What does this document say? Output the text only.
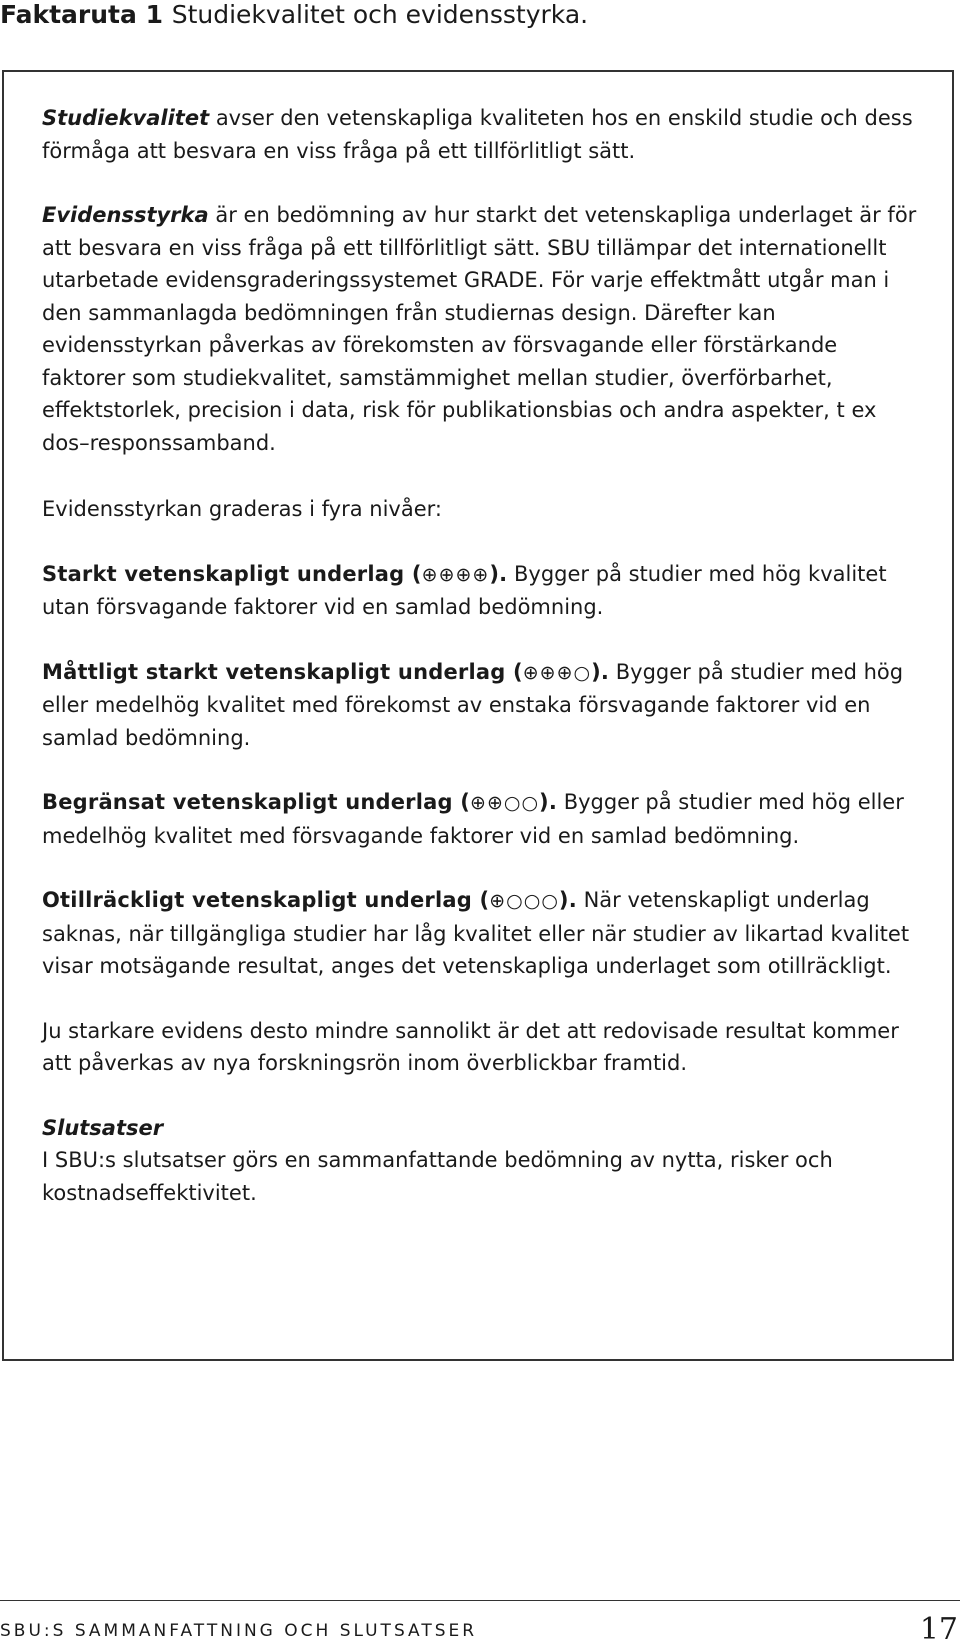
Faktaruta 1 Studiekvalitet och evidensstyrka.

Studiekvalitet avser den vetenskapliga kvaliteten hos en enskild studie och dess förmåga att besvara en viss fråga på ett tillförlitligt sätt.

Evidensstyrka är en bedömning av hur starkt det vetenskapliga underlaget är för att besvara en viss fråga på ett tillförlitligt sätt. SBU tillämpar det internationellt utarbetade evidensgraderingssystemet GRADE. För varje effektmått utgår man i den sammanlagda bedömningen från studiernas design. Därefter kan evidensstyrkan påverkas av förekomsten av försvagande eller förstärkande faktorer som studiekvalitet, samstämmighet mellan studier, överförbarhet, effektstorlek, precision i data, risk för publikationsbias och andra aspekter, t ex dos–responssamband.

Evidensstyrkan graderas i fyra nivåer:

Starkt vetenskapligt underlag (⊕⊕⊕⊕). Bygger på studier med hög kvalitet utan försvagande faktorer vid en samlad bedömning.

Måttligt starkt vetenskapligt underlag (⊕⊕⊕○). Bygger på studier med hög eller medelhög kvalitet med förekomst av enstaka försvagande faktorer vid en samlad bedömning.

Begränsat vetenskapligt underlag (⊕⊕○○). Bygger på studier med hög eller medelhög kvalitet med försvagande faktorer vid en samlad bedömning.

Otillräckligt vetenskapligt underlag (⊕○○○). När vetenskapligt underlag saknas, när tillgängliga studier har låg kvalitet eller när studier av likartad kvalitet visar motsägande resultat, anges det vetenskapliga underlaget som otillräckligt.

Ju starkare evidens desto mindre sannolikt är det att redovisade resultat kommer att påverkas av nya forskningsrön inom överblickbar framtid.

Slutsatser

I SBU:s slutsatser görs en sammanfattande bedömning av nytta, risker och kostnadseffektivitet.

SBU:S SAMMANFATTNING OCH SLUTSATSER	17
